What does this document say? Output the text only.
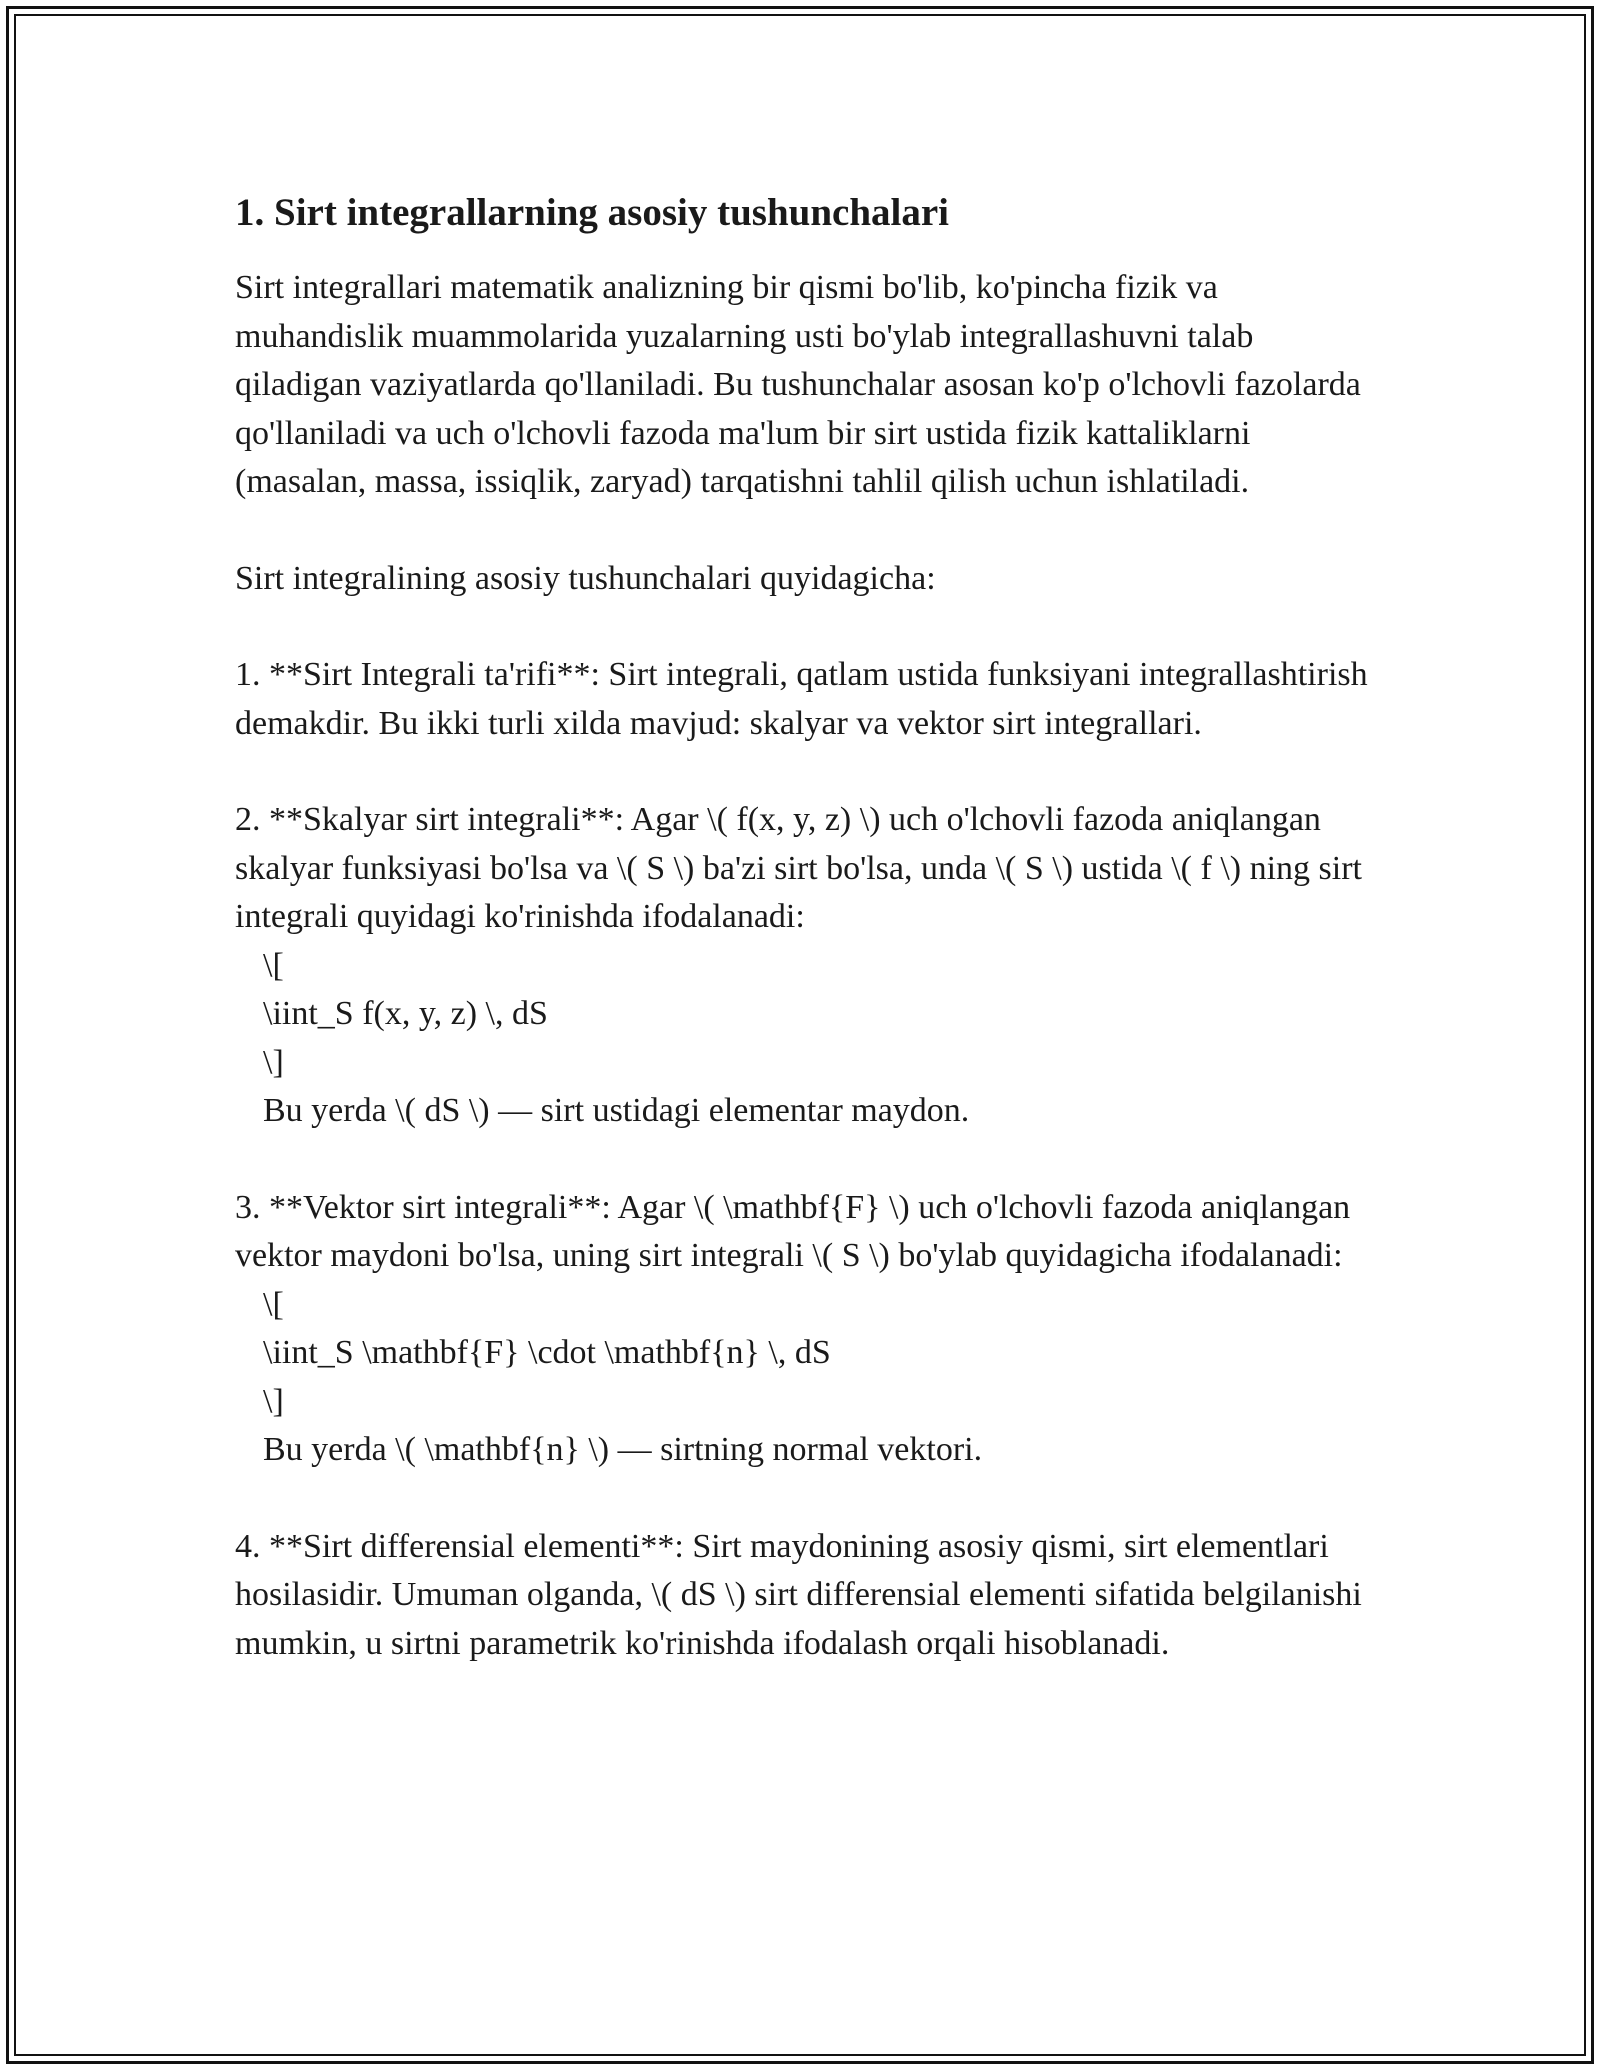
1. Sirt integrallarning asosiy tushunchalari

Sirt integrallari matematik analizning bir qismi bo'lib, ko'pincha fizik va muhandislik muammolarida yuzalarning usti bo'ylab integrallashuvni talab qiladigan vaziyatlarda qo'llaniladi. Bu tushunchalar asosan ko'p o'lchovli fazolarda qo'llaniladi va uch o'lchovli fazoda ma'lum bir sirt ustida fizik kattaliklarni (masalan, massa, issiqlik, zaryad) tarqatishni tahlil qilish uchun ishlatiladi.

Sirt integralining asosiy tushunchalari quyidagicha:

1. **Sirt Integrali ta'rifi**: Sirt integrali, qatlam ustida funksiyani integrallashtirish demakdir. Bu ikki turli xilda mavjud: skalyar va vektor sirt integrallari.

2. **Skalyar sirt integrali**: Agar \( f(x, y, z) \) uch o'lchovli fazoda aniqlangan skalyar funksiyasi bo'lsa va \( S \) ba'zi sirt bo'lsa, unda \( S \) ustida \( f \) ning sirt integrali quyidagi ko'rinishda ifodalanadi:
\[
\iint_S f(x, y, z) \, dS
\]
Bu yerda \( dS \) — sirt ustidagi elementar maydon.

3. **Vektor sirt integrali**: Agar \( \mathbf{F} \) uch o'lchovli fazoda aniqlangan vektor maydoni bo'lsa, uning sirt integrali \( S \) bo'ylab quyidagicha ifodalanadi:
\[
\iint_S \mathbf{F} \cdot \mathbf{n} \, dS
\]
Bu yerda \( \mathbf{n} \) — sirtning normal vektori.

4. **Sirt differensial elementi**: Sirt maydonining asosiy qismi, sirt elementlari hosilasidir. Umuman olganda, \( dS \) sirt differensial elementi sifatida belgilanishi mumkin, u sirtni parametrik ko'rinishda ifodalash orqali hisoblanadi.
